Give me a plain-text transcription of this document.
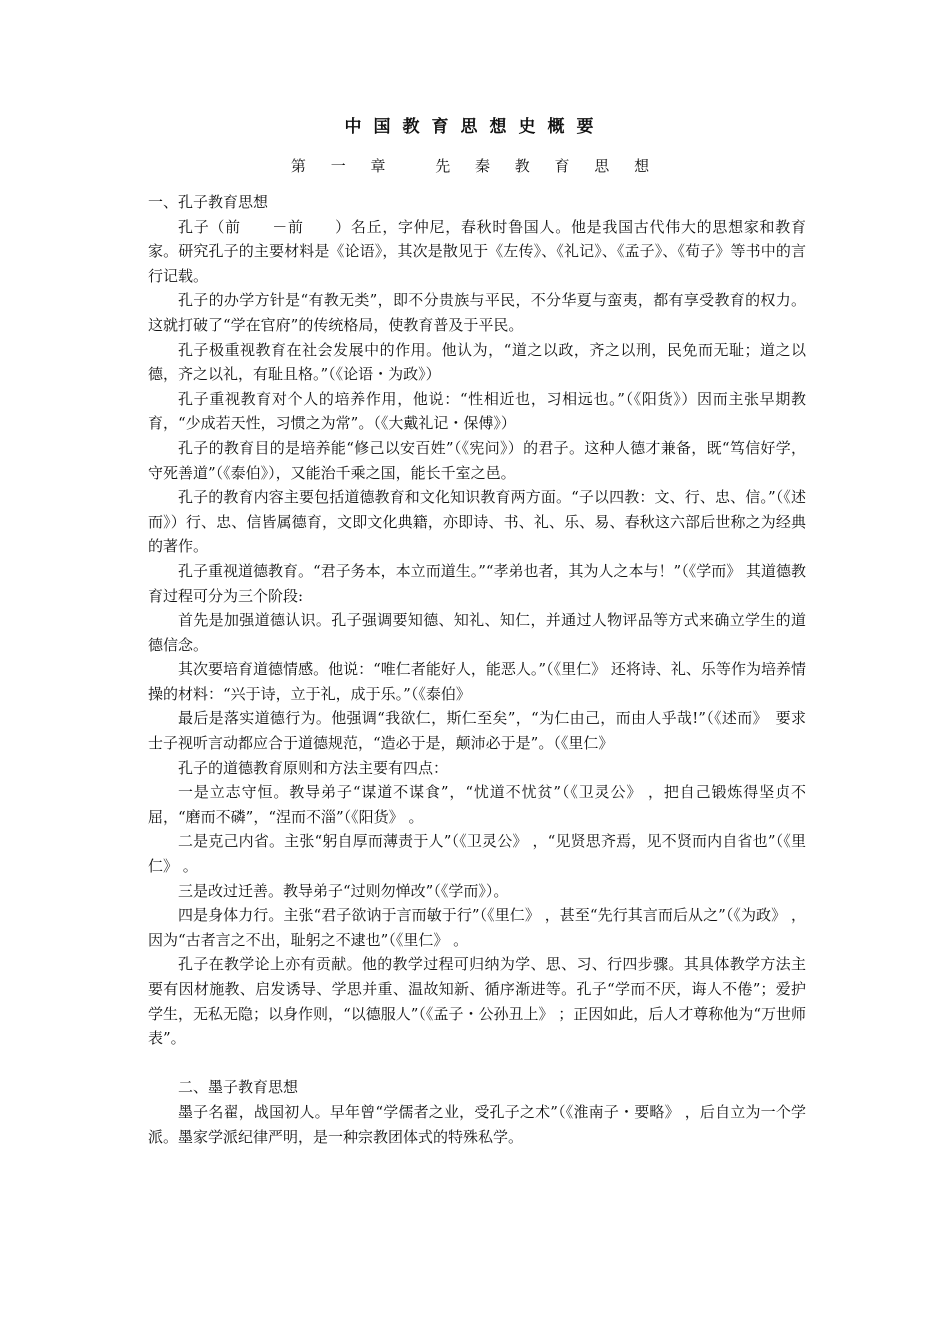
中国教育思想史概要
第 一 章　 先 秦 教 育 思 想

一、孔子教育思想

孔子（前　　－前　　）名丘，字仲尼，春秋时鲁国人。他是我国古代伟大的思想家和教育家。研究孔子的主要材料是《论语》，其次是散见于《左传》、《礼记》、《孟子》、《荀子》等书中的言行记载。

孔子的办学方针是“有教无类”，即不分贵族与平民，不分华夏与蛮夷，都有享受教育的权力。这就打破了“学在官府”的传统格局，使教育普及于平民。

孔子极重视教育在社会发展中的作用。他认为，“道之以政，齐之以刑，民免而无耻；道之以德，齐之以礼，有耻且格。”（《论语・为政》）

孔子重视教育对个人的培养作用，他说：“性相近也，习相远也。”（《阳货》）因而主张早期教育，“少成若天性，习惯之为常”。（《大戴礼记・保傅》）

孔子的教育目的是培养能“修己以安百姓”（《宪问》）的君子。这种人德才兼备，既“笃信好学，守死善道”（《泰伯》），又能治千乘之国，能长千室之邑。

孔子的教育内容主要包括道德教育和文化知识教育两方面。“子以四教：文、行、忠、信。”（《述而》）行、忠、信皆属德育，文即文化典籍，亦即诗、书、礼、乐、易、春秋这六部后世称之为经典的著作。

孔子重视道德教育。“君子务本，本立而道生。”“孝弟也者，其为人之本与！”（《学而》 其道德教育过程可分为三个阶段:

首先是加强道德认识。孔子强调要知德、知礼、知仁，并通过人物评品等方式来确立学生的道德信念。

其次要培育道德情感。他说：“唯仁者能好人，能恶人。”（《里仁》 还将诗、礼、乐等作为培养情操的材料：“兴于诗，立于礼，成于乐。”（《泰伯》

最后是落实道德行为。他强调“我欲仁，斯仁至矣”，“为仁由己，而由人乎哉!”（《述而》　要求士子视听言动都应合于道德规范，“造必于是，颠沛必于是”。（《里仁》

孔子的道德教育原则和方法主要有四点：

一是立志守恒。教导弟子“谋道不谋食”，“忧道不忧贫”（《卫灵公》 ，把自己锻炼得坚贞不屈，“磨而不磷”，“涅而不淄”（《阳货》 。

二是克己内省。主张“躬自厚而薄责于人”（《卫灵公》 ，“见贤思齐焉，见不贤而内自省也”（《里仁》 。

三是改过迁善。教导弟子“过则勿惮改”（《学而》）。

四是身体力行。主张“君子欲讷于言而敏于行”（《里仁》 ，甚至“先行其言而后从之”（《为政》 ，因为“古者言之不出，耻躬之不逮也”（《里仁》 。

孔子在教学论上亦有贡献。他的教学过程可归纳为学、思、习、行四步骤。其具体教学方法主要有因材施教、启发诱导、学思并重、温故知新、循序渐进等。孔子“学而不厌，诲人不倦”；爱护学生，无私无隐；以身作则，“以德服人”（《孟子・公孙丑上》 ；正因如此，后人才尊称他为“万世师表”。

二、墨子教育思想

墨子名翟，战国初人。早年曾“学儒者之业，受孔子之术”（《淮南子・要略》 ，后自立为一个学派。墨家学派纪律严明，是一种宗教团体式的特殊私学。
